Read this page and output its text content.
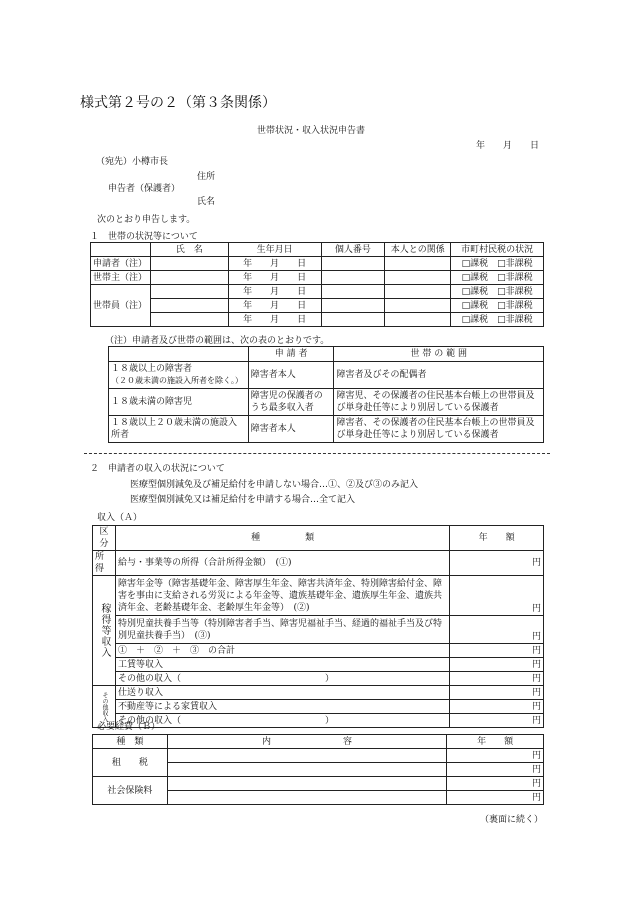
様式第２号の２（第３条関係）
世帯状況・収入状況申告書
年　　月　　日
（宛先）小樽市長
住所
申告者（保護者）
氏名
次のとおり申告します。
１　世帯の状況等について
	氏　名	生年月日	個人番号	本人との関係	市町村民税の状況
申請者（注）		年　　月　　日			□課税　□非課税
世帯主（注）		年　　月　　日			□課税　□非課税
世帯員（注）		年　　月　　日			□課税　□非課税
		年　　月　　日			□課税　□非課税
		年　　月　　日			□課税　□非課税
（注）申請者及び世帯の範囲は、次の表のとおりです。
	申 請 者	世 帯 の 範 囲

１８歳以上の障害者
（２０歳未満の施設入所者を除く。）	障害者本人	障害者及びその配偶者
１８歳未満の障害児	障害児の保護者のうち最多収入者	障害児、その保護者の住民基本台帳上の世帯員及び単身赴任等により別居している保護者
１８歳以上２０歳未満の施設入所者	障害者本人	障害者、その保護者の住民基本台帳上の世帯員及び単身赴任等により別居している保護者
２　申請者の収入の状況について
医療型個別減免及び補足給付を申請しない場合…①、②及び③のみ記入
医療型個別減免又は補足給付を申請する場合…全て記入
収入（Ａ）
区分	種　　　　　類	年　　額
所得	給与・事業等の所得（合計所得金額）　(①)	円

稼得等収入	障害年金等（障害基礎年金、障害厚生年金、障害共済年金、特別障害給付金、障害を事由に支給される労災による年金等、遺族基礎年金、遺族厚生年金、遺族共済年金、老齢基礎年金、老齢厚生年金等）　(②)	円
	特別児童扶養手当等（特別障害者手当、障害児福祉手当、経過的福祉手当及び特別児童扶養手当）　(③)	円
	①　＋　②　＋　③　の合計	円
	工賃等収入	円
	その他の収入（　　　　　　　　　　　　　　　　）	円

その他収入	仕送り収入	円
	不動産等による家賃収入	円
	その他の収入（　　　　　　　　　　　　　　　　）	円
必要経費（Ｂ）
種　類	内　　　　　　　　容	年　　額
租　　税		円
		円
社会保険料		円
		円
（裏面に続く）
